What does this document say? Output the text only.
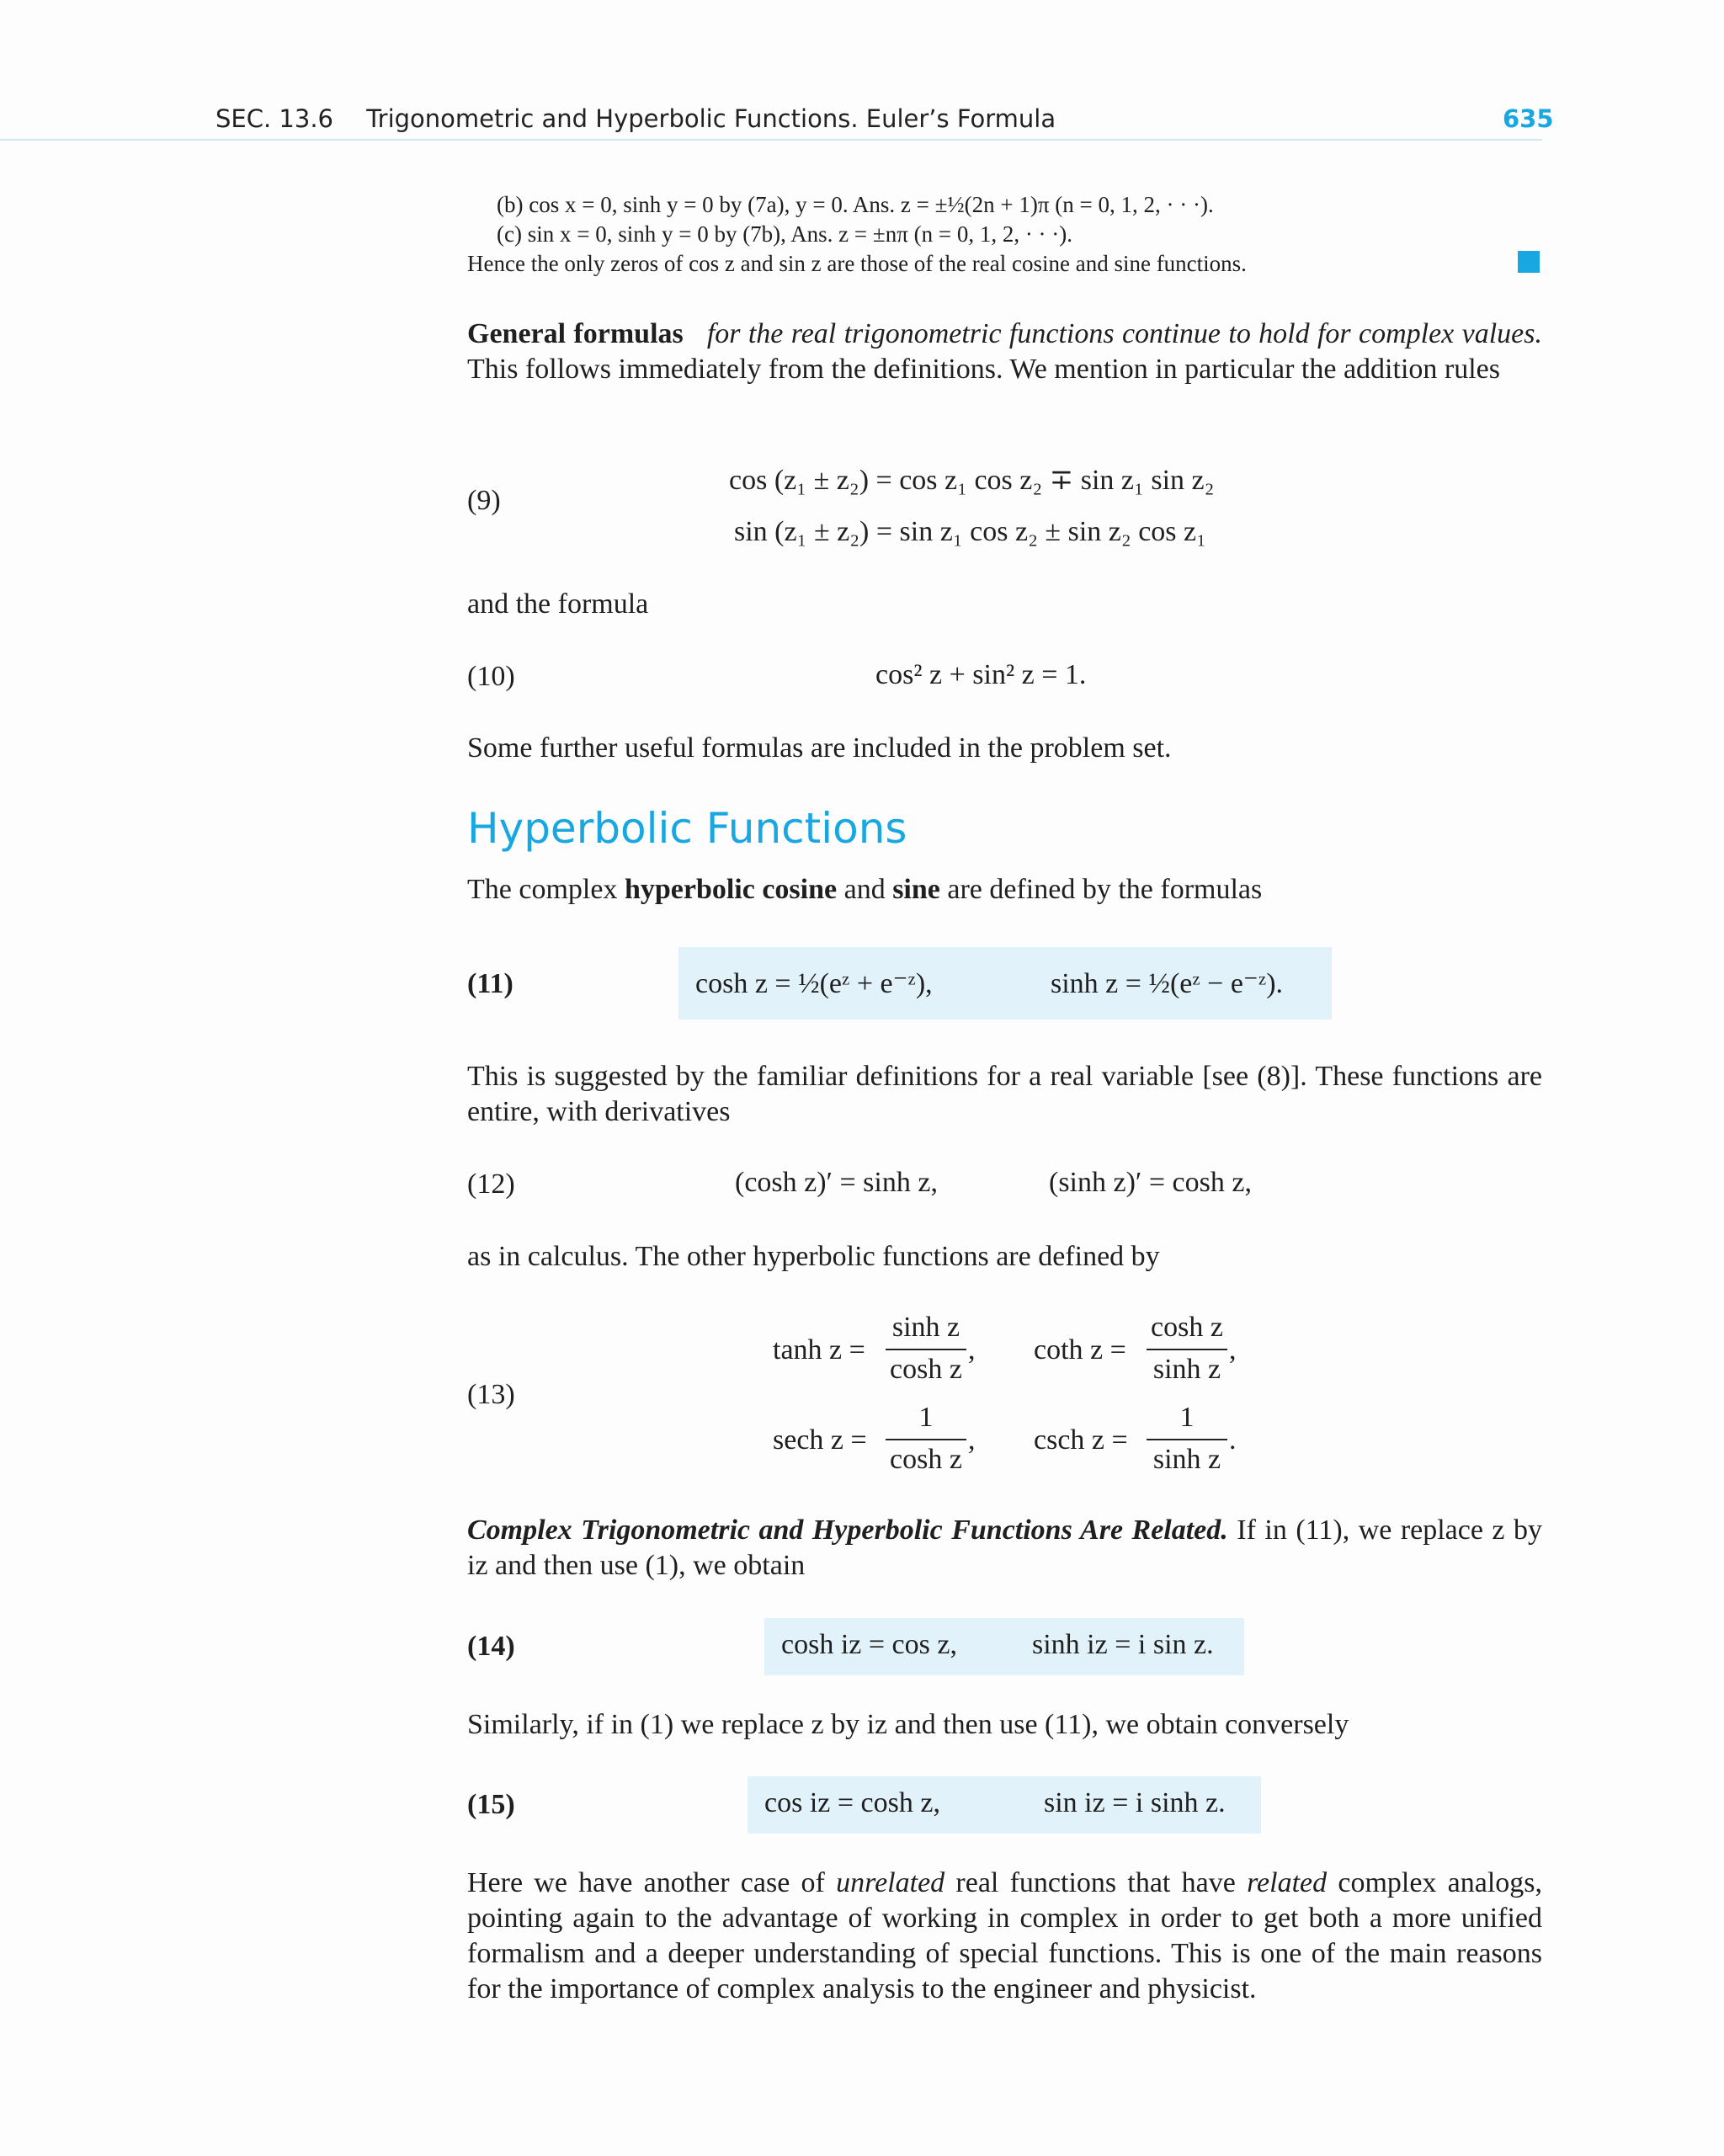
SEC. 13.6 Trigonometric and Hyperbolic Functions. Euler’s Formula	635
(b) cos x = 0, sinh y = 0 by (7a), y = 0. Ans. z = ±½(2n + 1)π (n = 0, 1, 2, · · ·).
(c) sin x = 0, sinh y = 0 by (7b), Ans. z = ±nπ (n = 0, 1, 2, · · ·).
Hence the only zeros of cos z and sin z are those of the real cosine and sine functions.
General formulas for the real trigonometric functions continue to hold for complex values. This follows immediately from the definitions. We mention in particular the addition rules
(9)
cos (z₁ ± z₂) = cos z₁ cos z₂ ∓ sin z₁ sin z₂
sin (z₁ ± z₂) = sin z₁ cos z₂ ± sin z₂ cos z₁
and the formula
(10)	cos² z + sin² z = 1.
Some further useful formulas are included in the problem set.
Hyperbolic Functions
The complex hyperbolic cosine and sine are defined by the formulas
(11)	cosh z = ½(eᶻ + e⁻ᶻ),	sinh z = ½(eᶻ − e⁻ᶻ).
This is suggested by the familiar definitions for a real variable [see (8)]. These functions are entire, with derivatives
(12)	(cosh z)′ = sinh z,	(sinh z)′ = cosh z,
as in calculus. The other hyperbolic functions are defined by
(13)
tanh z =
sinh z
cosh z
, coth z =
cosh z
sinh z
,
sech z =
1
cosh z
, csch z =
1
sinh z
.
Complex Trigonometric and Hyperbolic Functions Are Related. If in (11), we replace z by iz and then use (1), we obtain
(14)	cosh iz = cos z,	sinh iz = i sin z.
Similarly, if in (1) we replace z by iz and then use (11), we obtain conversely
(15)	cos iz = cosh z,	sin iz = i sinh z.
Here we have another case of unrelated real functions that have related complex analogs, pointing again to the advantage of working in complex in order to get both a more unified formalism and a deeper understanding of special functions. This is one of the main reasons for the importance of complex analysis to the engineer and physicist.
